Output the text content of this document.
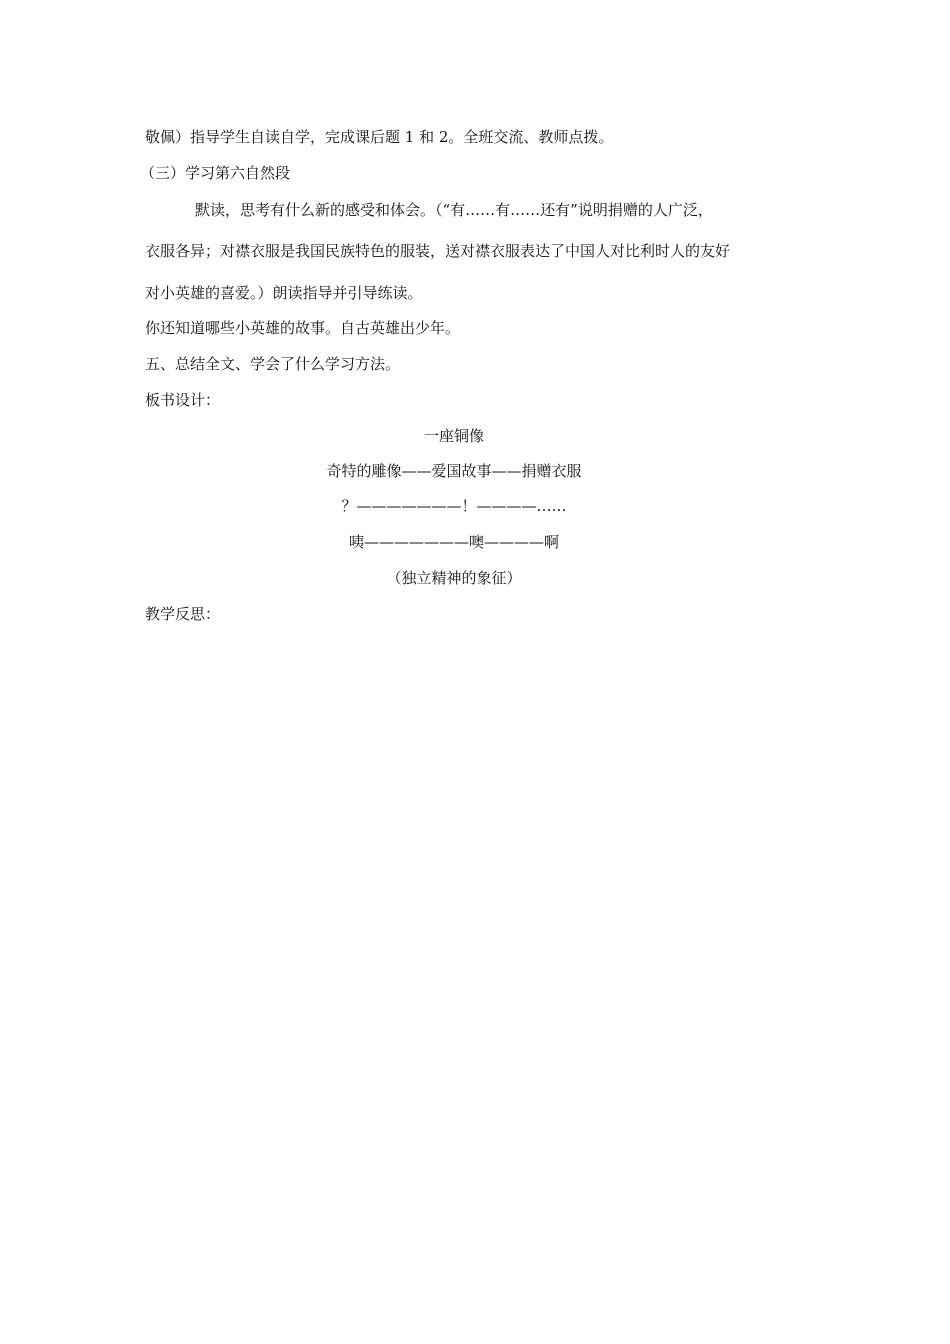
敬佩）指导学生自读自学，完成课后题 1 和 2。全班交流、教师点拨。
（三）学习第六自然段
默读，思考有什么新的感受和体会。（“有……有……还有”说明捐赠的人广泛，
衣服各异；对襟衣服是我国民族特色的服装，送对襟衣服表达了中国人对比利时人的友好
对小英雄的喜爱。）朗读指导并引导练读。
你还知道哪些小英雄的故事。自古英雄出少年。
五、总结全文、学会了什么学习方法。
板书设计：
一座铜像
奇特的雕像——爱国故事——捐赠衣服
？———————！————……
咦———————噢————啊
（独立精神的象征）
教学反思：
